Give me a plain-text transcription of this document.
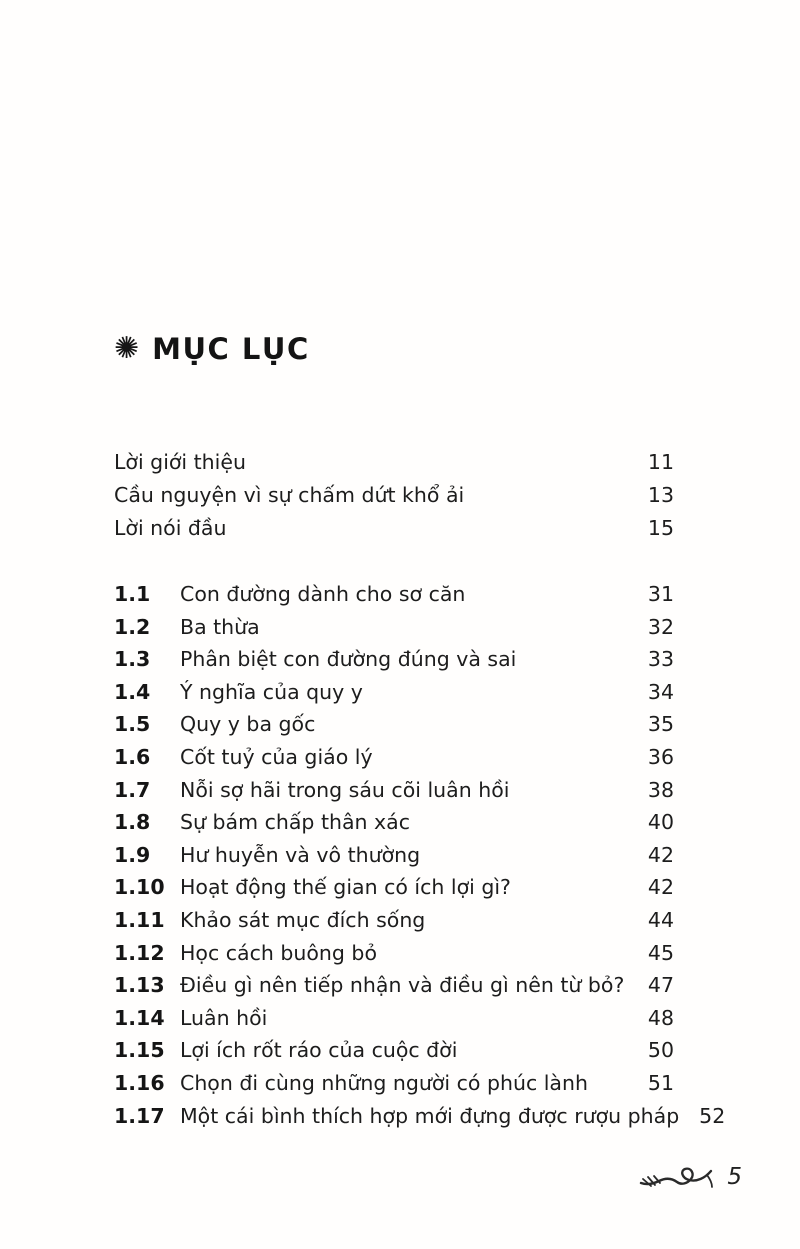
✺ MỤC LỤC
Lời giới thiệu	11
Cầu nguyện vì sự chấm dứt khổ ải	13
Lời nói đầu	15
1.1	Con đường dành cho sơ căn	31
1.2	Ba thừa	32
1.3	Phân biệt con đường đúng và sai	33
1.4	Ý nghĩa của quy y	34
1.5	Quy y ba gốc	35
1.6	Cốt tuỷ của giáo lý	36
1.7	Nỗi sợ hãi trong sáu cõi luân hồi	38
1.8	Sự bám chấp thân xác	40
1.9	Hư huyễn và vô thường	42
1.10 Hoạt động thế gian có ích lợi gì?	42
1.11 Khảo sát mục đích sống	44
1.12 Học cách buông bỏ	45
1.13 Điều gì nên tiếp nhận và điều gì nên từ bỏ?	47
1.14 Luân hồi	48
1.15 Lợi ích rốt ráo của cuộc đời	50
1.16 Chọn đi cùng những người có phúc lành	51
1.17 Một cái bình thích hợp mới đựng được rượu pháp 52
5
